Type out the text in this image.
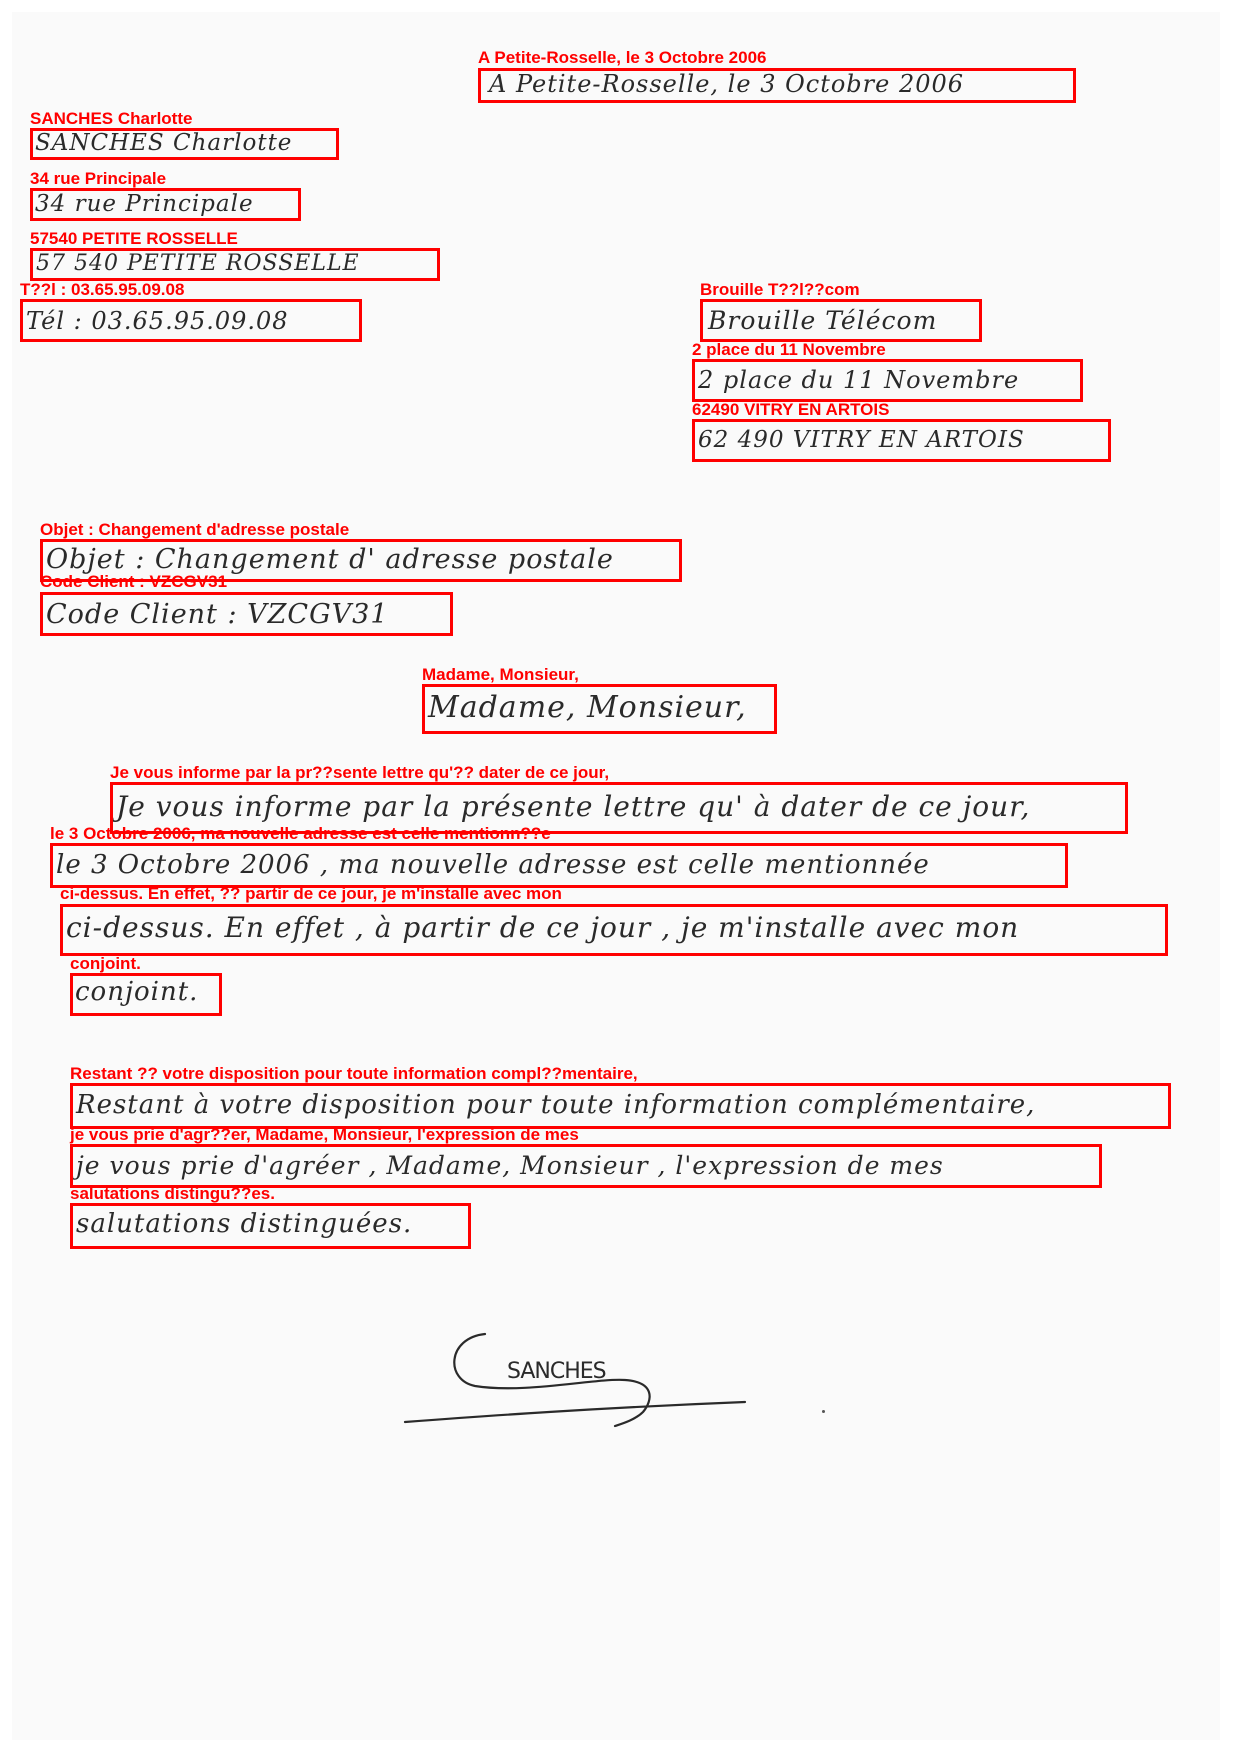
A Petite-Rosselle, le 3 Octobre 2006
A Petite-Rosselle, le 3 Octobre 2006
SANCHES Charlotte
SANCHES Charlotte
34 rue Principale
34 rue Principale
57540 PETITE ROSSELLE
57 540 PETITE ROSSELLE
T??l : 03.65.95.09.08
Tél : 03.65.95.09.08
Brouille T??l??com
Brouille Télécom
2 place du 11 Novembre
2 place du 11 Novembre
62490 VITRY EN ARTOIS
62 490 VITRY EN ARTOIS
Objet : Changement d'adresse postale
Objet : Changement d' adresse postale
Code Client : VZCGV31
Code Client : VZCGV31
Madame, Monsieur,
Madame, Monsieur,
Je vous informe par la pr??sente lettre qu'?? dater de ce jour,
Je vous informe par la présente lettre qu' à dater de ce jour,
le 3 Octobre 2006, ma nouvelle adresse est celle mentionn??e
le 3 Octobre 2006 , ma nouvelle adresse est celle mentionnée
ci-dessus. En effet, ?? partir de ce jour, je m'installe avec mon
ci-dessus. En effet , à partir de ce jour , je m'installe avec mon
conjoint.
conjoint.
Restant ?? votre disposition pour toute information compl??mentaire,
Restant à votre disposition pour toute information complémentaire,
je vous prie d'agr??er, Madame, Monsieur, l'expression de mes
je vous prie d'agréer , Madame, Monsieur , l'expression de mes
salutations distingu??es.
salutations distinguées.
SANCHES
